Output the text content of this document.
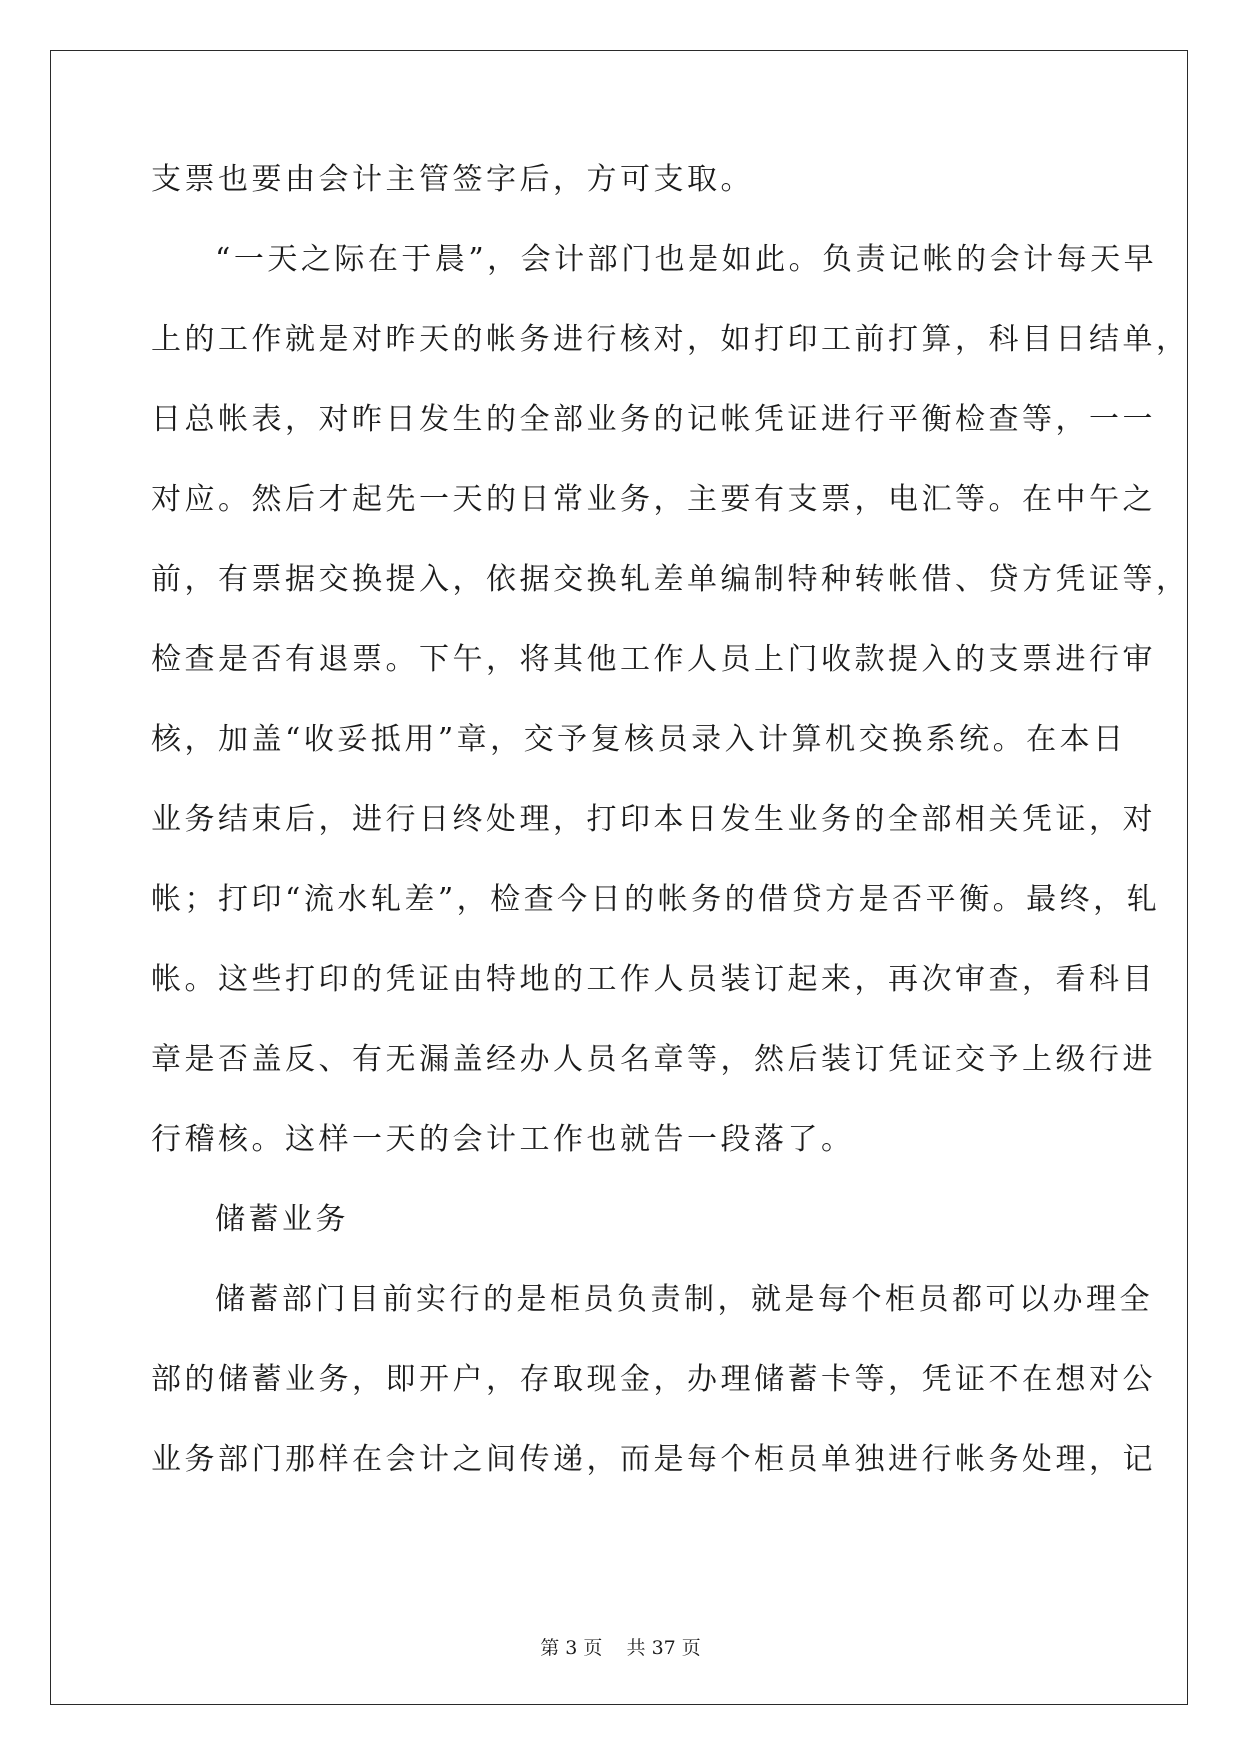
支票也要由会计主管签字后，方可支取。
“一天之际在于晨”，会计部门也是如此。负责记帐的会计每天早
上的工作就是对昨天的帐务进行核对，如打印工前打算，科目日结单，
日总帐表，对昨日发生的全部业务的记帐凭证进行平衡检查等，一一
对应。然后才起先一天的日常业务，主要有支票，电汇等。在中午之
前，有票据交换提入，依据交换轧差单编制特种转帐借、贷方凭证等，
检查是否有退票。下午，将其他工作人员上门收款提入的支票进行审
核，加盖“收妥抵用”章，交予复核员录入计算机交换系统。在本日
业务结束后，进行日终处理，打印本日发生业务的全部相关凭证，对
帐；打印“流水轧差”，检查今日的帐务的借贷方是否平衡。最终，轧
帐。这些打印的凭证由特地的工作人员装订起来，再次审查，看科目
章是否盖反、有无漏盖经办人员名章等，然后装订凭证交予上级行进
行稽核。这样一天的会计工作也就告一段落了。
储蓄业务
储蓄部门目前实行的是柜员负责制，就是每个柜员都可以办理全
部的储蓄业务，即开户，存取现金，办理储蓄卡等，凭证不在想对公
业务部门那样在会计之间传递，而是每个柜员单独进行帐务处理，记
第 3 页 共 37 页
